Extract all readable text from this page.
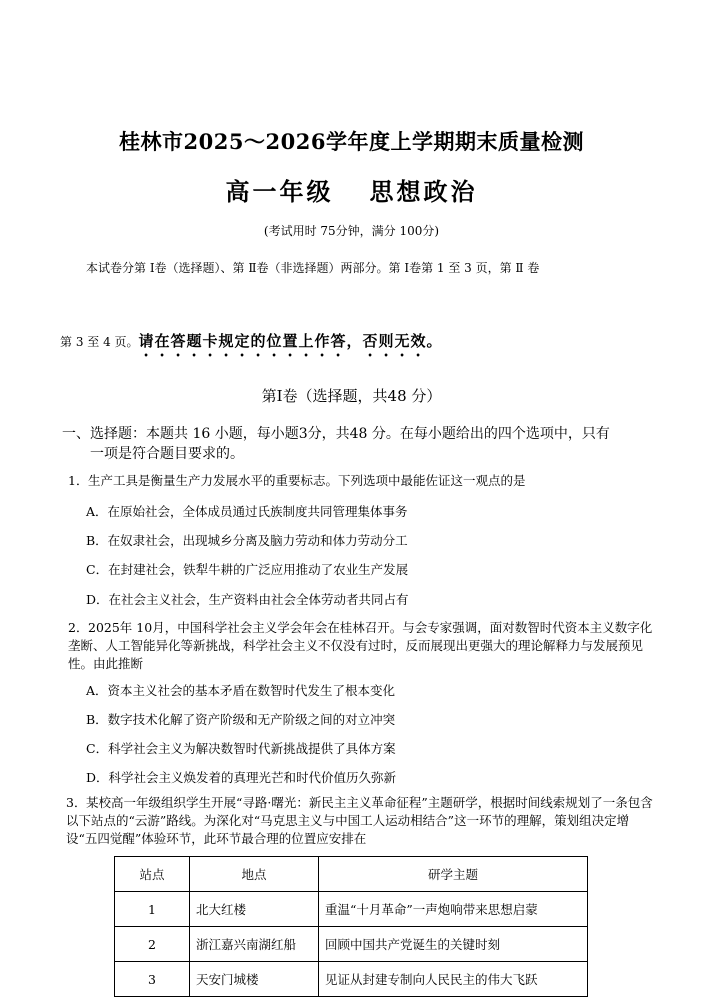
桂林市2025～2026学年度上学期期末质量检测
高一年级 思想政治
(考试用时 75分钟，满分 100分)
本试卷分第 Ⅰ卷（选择题）、第 Ⅱ卷（非选择题）两部分。第 Ⅰ卷第 1 至 3 页，第 Ⅱ 卷
第 3 至 4 页。请在答题卡规定的位置上作答，否则无效。
第Ⅰ卷（选择题，共48 分）
一、选择题：本题共 16 小题，每小题3分，共48 分。在每小题给出的四个选项中，只有
一项是符合题目要求的。
1．生产工具是衡量生产力发展水平的重要标志。下列选项中最能佐证这一观点的是
A．在原始社会，全体成员通过氏族制度共同管理集体事务
B．在奴隶社会，出现城乡分离及脑力劳动和体力劳动分工
C．在封建社会，铁犁牛耕的广泛应用推动了农业生产发展
D．在社会主义社会，生产资料由社会全体劳动者共同占有
2．2025年 10月，中国科学社会主义学会年会在桂林召开。与会专家强调，面对数智时代资本主义数字化垄断、人工智能异化等新挑战，科学社会主义不仅没有过时，反而展现出更强大的理论解释力与发展预见性。由此推断
A．资本主义社会的基本矛盾在数智时代发生了根本变化
B．数字技术化解了资产阶级和无产阶级之间的对立冲突
C．科学社会主义为解决数智时代新挑战提供了具体方案
D．科学社会主义焕发着的真理光芒和时代价值历久弥新
3．某校高一年级组织学生开展“寻路·曙光：新民主主义革命征程”主题研学，根据时间线索规划了一条包含以下站点的“云游”路线。为深化对“马克思主义与中国工人运动相结合”这一环节的理解，策划组决定增设“五四觉醒”体验环节，此环节最合理的位置应安排在
站点	地点	研学主题
1	北大红楼	重温“十月革命”一声炮响带来思想启蒙
2	浙江嘉兴南湖红船	回顾中国共产党诞生的关键时刻
3	天安门城楼	见证从封建专制向人民民主的伟大飞跃
